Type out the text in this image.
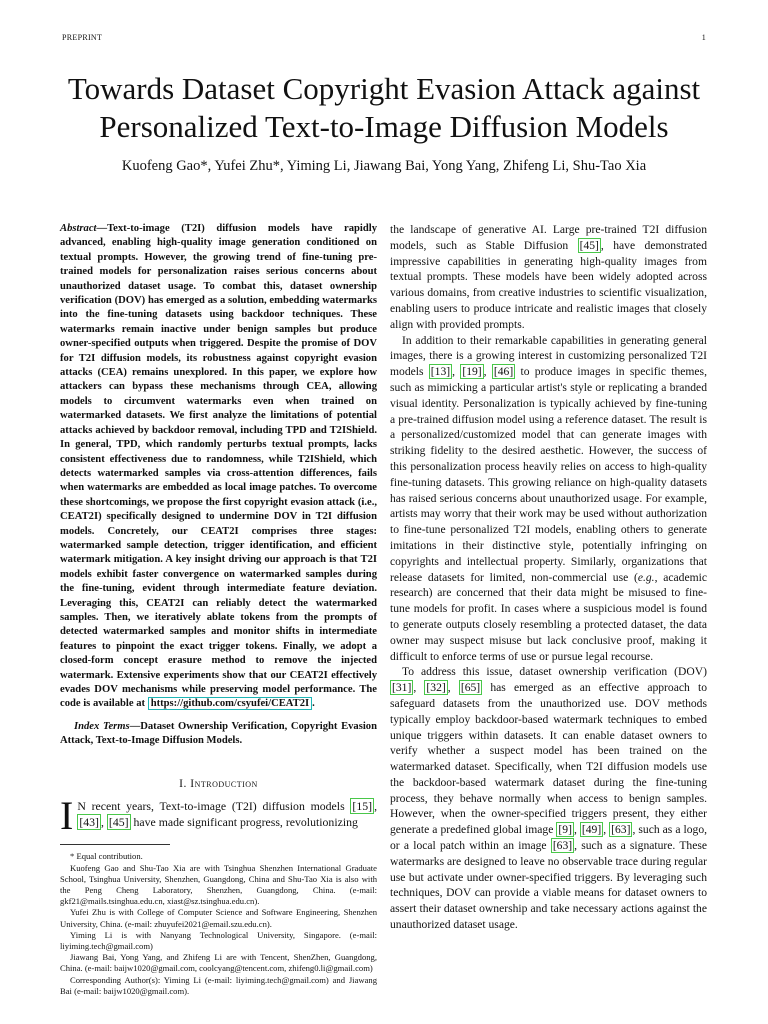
PREPRINT	1
Towards Dataset Copyright Evasion Attack against Personalized Text-to-Image Diffusion Models
Kuofeng Gao*, Yufei Zhu*, Yiming Li, Jiawang Bai, Yong Yang, Zhifeng Li, Shu-Tao Xia

Abstract—Text-to-image (T2I) diffusion models have rapidly advanced, enabling high-quality image generation conditioned on textual prompts. However, the growing trend of fine-tuning pre-trained models for personalization raises serious concerns about unauthorized dataset usage. To combat this, dataset ownership verification (DOV) has emerged as a solution, embedding watermarks into the fine-tuning datasets using backdoor techniques. These watermarks remain inactive under benign samples but produce owner-specified outputs when triggered. Despite the promise of DOV for T2I diffusion models, its robustness against copyright evasion attacks (CEA) remains unexplored. In this paper, we explore how attackers can bypass these mechanisms through CEA, allowing models to circumvent watermarks even when trained on watermarked datasets. We first analyze the limitations of potential attacks achieved by backdoor removal, including TPD and T2IShield. In general, TPD, which randomly perturbs textual prompts, lacks consistent effectiveness due to randomness, while T2IShield, which detects watermarked samples via cross-attention differences, fails when watermarks are embedded as local image patches. To overcome these shortcomings, we propose the first copyright evasion attack (i.e., CEAT2I) specifically designed to undermine DOV in T2I diffusion models. Concretely, our CEAT2I comprises three stages: watermarked sample detection, trigger identification, and efficient watermark mitigation. A key insight driving our approach is that T2I models exhibit faster convergence on watermarked samples during the fine-tuning, evident through intermediate feature deviation. Leveraging this, CEAT2I can reliably detect the watermarked samples. Then, we iteratively ablate tokens from the prompts of detected watermarked samples and monitor shifts in intermediate features to pinpoint the exact trigger tokens. Finally, we adopt a closed-form concept erasure method to remove the injected watermark. Extensive experiments show that our CEAT2I effectively evades DOV mechanisms while preserving model performance. The code is available at https://github.com/csyufei/CEAT2I .

Index Terms—Dataset Ownership Verification, Copyright Evasion Attack, Text-to-Image Diffusion Models.

I. Introduction

I N recent years, Text-to-image (T2I) diffusion models [15] , [43] , [45] have made significant progress, revolutionizing

* Equal contribution.

Kuofeng Gao and Shu-Tao Xia are with Tsinghua Shenzhen International Graduate School, Tsinghua University, Shenzhen, Guangdong, China and Shu-Tao Xia is also with the Peng Cheng Laboratory, Shenzhen, Guangdong, China. (e-mail: gkf21@mails.tsinghua.edu.cn, xiast@sz.tsinghua.edu.cn).

Yufei Zhu is with College of Computer Science and Software Engineering, Shenzhen University, China. (e-mail: zhuyufei2021@email.szu.edu.cn).

Yiming Li is with Nanyang Technological University, Singapore. (e-mail: liyiming.tech@gmail.com)

Jiawang Bai, Yong Yang, and Zhifeng Li are with Tencent, ShenZhen, Guangdong, China. (e-mail: baijw1020@gmail.com, coolcyang@tencent.com, zhifeng0.li@gmail.com)

Corresponding Author(s): Yiming Li (e-mail: liyiming.tech@gmail.com) and Jiawang Bai (e-mail: baijw1020@gmail.com).

the landscape of generative AI. Large pre-trained T2I diffusion models, such as Stable Diffusion [45] , have demonstrated impressive capabilities in generating high-quality images from textual prompts. These models have been widely adopted across various domains, from creative industries to scientific visualization, enabling users to produce intricate and realistic images that closely align with provided prompts.

In addition to their remarkable capabilities in generating general images, there is a growing interest in customizing personalized T2I models [13] , [19] , [46] to produce images in specific themes, such as mimicking a particular artist's style or replicating a branded visual identity. Personalization is typically achieved by fine-tuning a pre-trained diffusion model using a reference dataset. The result is a personalized/customized model that can generate images with striking fidelity to the desired aesthetic. However, the success of this personalization process heavily relies on access to high-quality fine-tuning datasets. This growing reliance on high-quality datasets has raised serious concerns about unauthorized usage. For example, artists may worry that their work may be used without authorization to fine-tune personalized T2I models, enabling others to generate imitations in their distinctive style, potentially infringing on copyrights and intellectual property. Similarly, organizations that release datasets for limited, non-commercial use (e.g., academic research) are concerned that their data might be misused to fine-tune models for profit. In cases where a suspicious model is found to generate outputs closely resembling a protected dataset, the data owner may suspect misuse but lack conclusive proof, making it difficult to enforce terms of use or pursue legal recourse.

To address this issue, dataset ownership verification (DOV) [31] , [32] , [65] has emerged as an effective approach to safeguard datasets from the unauthorized use. DOV methods typically employ backdoor-based watermark techniques to embed unique triggers within datasets. It can enable dataset owners to verify whether a suspect model has been trained on the watermarked dataset. Specifically, when T2I diffusion models use the backdoor-based watermark dataset during the fine-tuning process, they behave normally when access to benign samples. However, when the owner-specified triggers present, they either generate a predefined global image [9] , [49] , [63] , such as a logo, or a local patch within an image [63] , such as a signature. These watermarks are designed to leave no observable trace during regular use but activate under owner-specified triggers. By leveraging such techniques, DOV can provide a viable means for dataset owners to assert their dataset ownership and take necessary actions against the unauthorized dataset usage.
